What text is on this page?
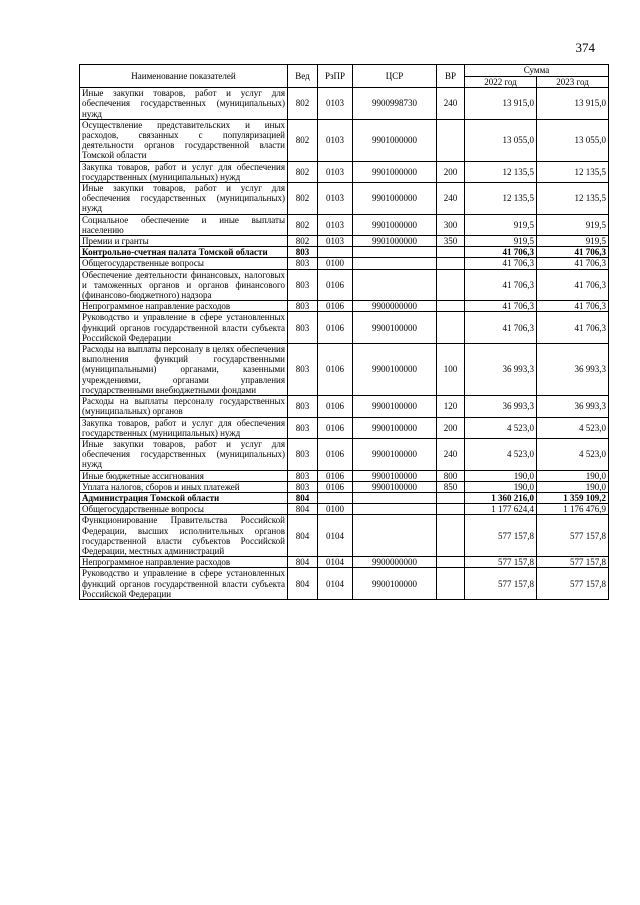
374
Наименование показателей	Вед	РзПР	ЦСР	ВР	Сумма	
					2022 год	2023 год
Иные закупки товаров, работ и услуг для обеспечения государственных (муниципальных) нужд	802	0103	9900998730	240	13 915,0	13 915,0
Осуществление представительских и иных расходов, связанных с популяризацией деятельности органов государственной власти Томской области	802	0103	9901000000		13 055,0	13 055,0
Закупка товаров, работ и услуг для обеспечения государственных (муниципальных) нужд	802	0103	9901000000	200	12 135,5	12 135,5
Иные закупки товаров, работ и услуг для обеспечения государственных (муниципальных) нужд	802	0103	9901000000	240	12 135,5	12 135,5
Социальное обеспечение и иные выплаты населению	802	0103	9901000000	300	919,5	919,5
Премии и гранты	802	0103	9901000000	350	919,5	919,5
Контрольно-счетная палата Томской области	803				41 706,3	41 706,3
Общегосударственные вопросы	803	0100			41 706,3	41 706,3
Обеспечение деятельности финансовых, налоговых и таможенных органов и органов финансового (финансово-бюджетного) надзора	803	0106			41 706,3	41 706,3
Непрограммное направление расходов	803	0106	9900000000		41 706,3	41 706,3
Руководство и управление в сфере установленных функций органов государственной власти субъекта Российской Федерации	803	0106	9900100000		41 706,3	41 706,3
Расходы на выплаты персоналу в целях обеспечения выполнения функций государственными (муниципальными) органами, казенными учреждениями, органами управления государственными внебюджетными фондами	803	0106	9900100000	100	36 993,3	36 993,3
Расходы на выплаты персоналу государственных (муниципальных) органов	803	0106	9900100000	120	36 993,3	36 993,3
Закупка товаров, работ и услуг для обеспечения государственных (муниципальных) нужд	803	0106	9900100000	200	4 523,0	4 523,0
Иные закупки товаров, работ и услуг для обеспечения государственных (муниципальных) нужд	803	0106	9900100000	240	4 523,0	4 523,0
Иные бюджетные ассигнования	803	0106	9900100000	800	190,0	190,0
Уплата налогов, сборов и иных платежей	803	0106	9900100000	850	190,0	190,0
Администрация Томской области	804				1 360 216,0	1 359 109,2
Общегосударственные вопросы	804	0100			1 177 624,4	1 176 476,9
Функционирование Правительства Российской Федерации, высших исполнительных органов государственной власти субъектов Российской Федерации, местных администраций	804	0104			577 157,8	577 157,8
Непрограммное направление расходов	804	0104	9900000000		577 157,8	577 157,8
Руководство и управление в сфере установленных функций органов государственной власти субъекта Российской Федерации	804	0104	9900100000		577 157,8	577 157,8
